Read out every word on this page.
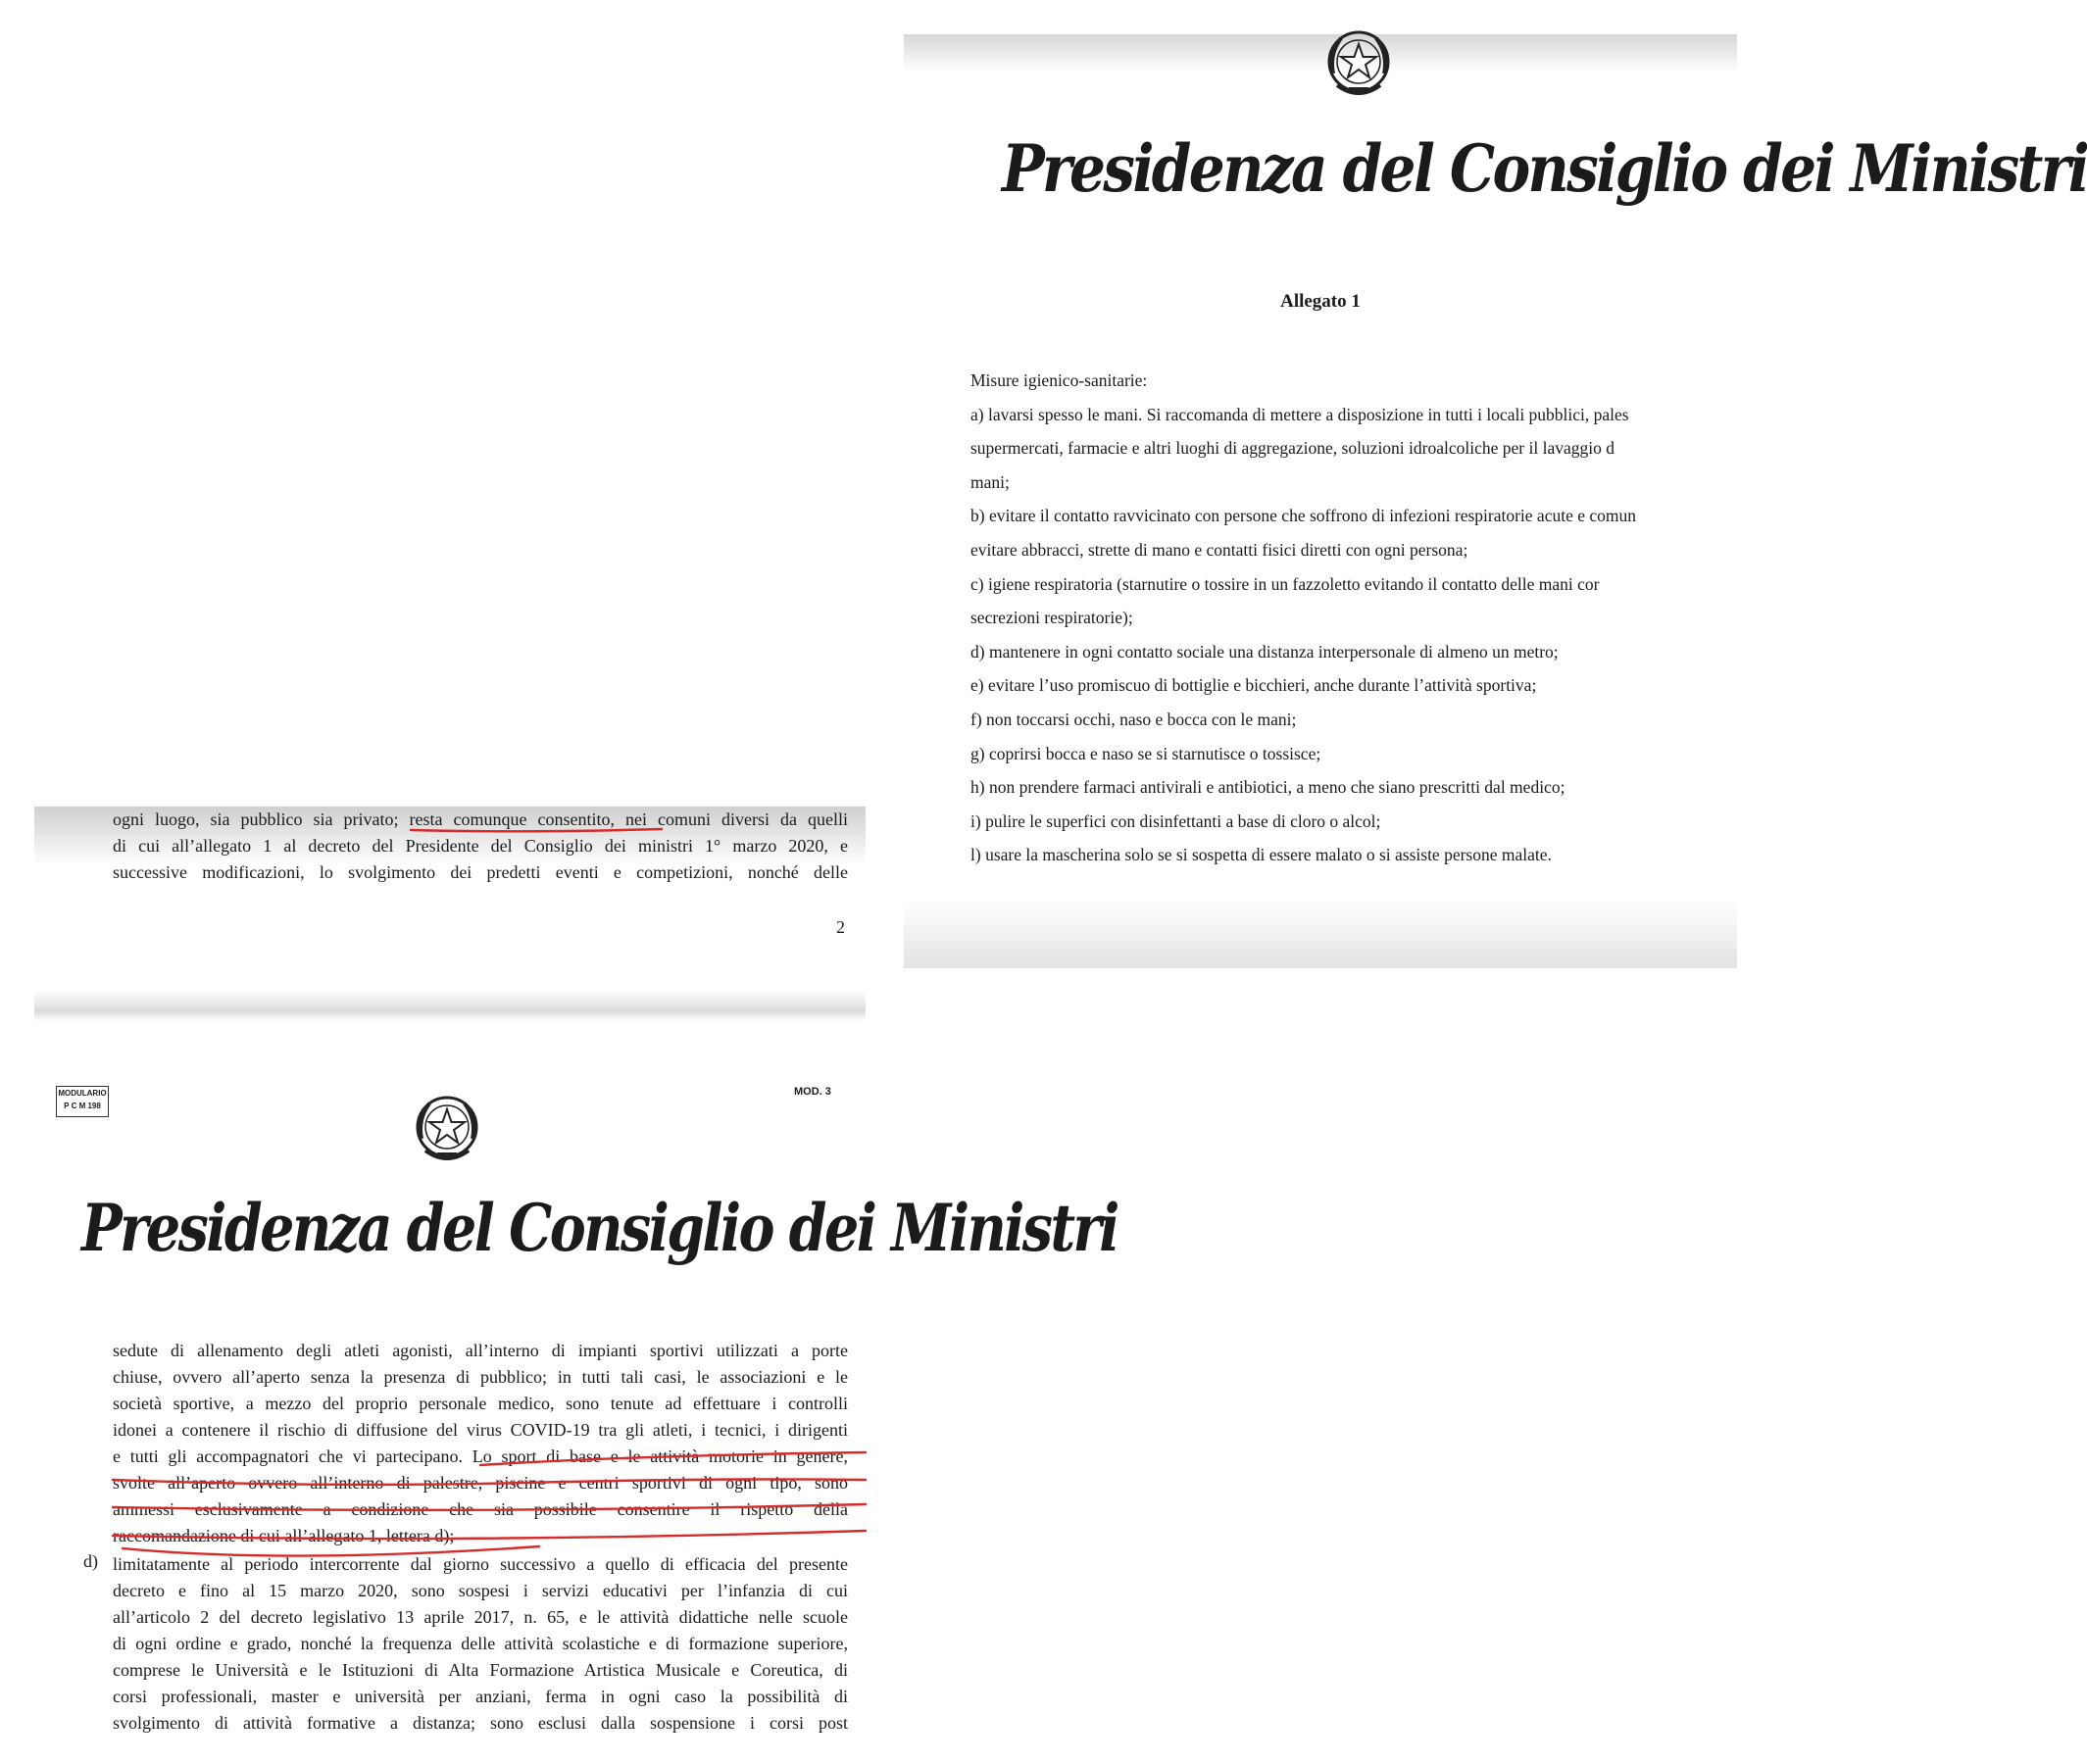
Presidenza del Consiglio dei Ministri
Allegato 1
Misure igienico-sanitarie:
a) lavarsi spesso le mani. Si raccomanda di mettere a disposizione in tutti i locali pubblici, pales
supermercati, farmacie e altri luoghi di aggregazione, soluzioni idroalcoliche per il lavaggio d
mani;
b) evitare il contatto ravvicinato con persone che soffrono di infezioni respiratorie acute e comun
evitare abbracci, strette di mano e contatti fisici diretti con ogni persona;
c) igiene respiratoria (starnutire o tossire in un fazzoletto evitando il contatto delle mani cor
secrezioni respiratorie);
d) mantenere in ogni contatto sociale una distanza interpersonale di almeno un metro;
e) evitare l’uso promiscuo di bottiglie e bicchieri, anche durante l’attività sportiva;
f) non toccarsi occhi, naso e bocca con le mani;
g) coprirsi bocca e naso se si starnutisce o tossisce;
h) non prendere farmaci antivirali e antibiotici, a meno che siano prescritti dal medico;
i) pulire le superfici con disinfettanti a base di cloro o alcol;
l) usare la mascherina solo se si sospetta di essere malato o si assiste persone malate.
ogni luogo, sia pubblico sia privato; resta comunque consentito, nei comuni diversi da quelli
di cui all’allegato 1 al decreto del Presidente del Consiglio dei ministri 1° marzo 2020, e
successive modificazioni, lo svolgimento dei predetti eventi e competizioni, nonché delle
2
MODULARIO
P C M 198
MOD. 3
Presidenza del Consiglio dei Ministri
sedute di allenamento degli atleti agonisti, all’interno di impianti sportivi utilizzati a porte
chiuse, ovvero all’aperto senza la presenza di pubblico; in tutti tali casi, le associazioni e le
società sportive, a mezzo del proprio personale medico, sono tenute ad effettuare i controlli
idonei a contenere il rischio di diffusione del virus COVID-19 tra gli atleti, i tecnici, i dirigenti
e tutti gli accompagnatori che vi partecipano. Lo sport di base e le attività motorie in genere,
svolte all’aperto ovvero all’interno di palestre, piscine e centri sportivi di ogni tipo, sono
ammessi esclusivamente a condizione che sia possibile consentire il rispetto della
raccomandazione di cui all’allegato 1, lettera d);
limitatamente al periodo intercorrente dal giorno successivo a quello di efficacia del presente
decreto e fino al 15 marzo 2020, sono sospesi i servizi educativi per l’infanzia di cui
all’articolo 2 del decreto legislativo 13 aprile 2017, n. 65, e le attività didattiche nelle scuole
di ogni ordine e grado, nonché la frequenza delle attività scolastiche e di formazione superiore,
comprese le Università e le Istituzioni di Alta Formazione Artistica Musicale e Coreutica, di
corsi professionali, master e università per anziani, ferma in ogni caso la possibilità di
svolgimento di attività formative a distanza; sono esclusi dalla sospensione i corsi post
d)
